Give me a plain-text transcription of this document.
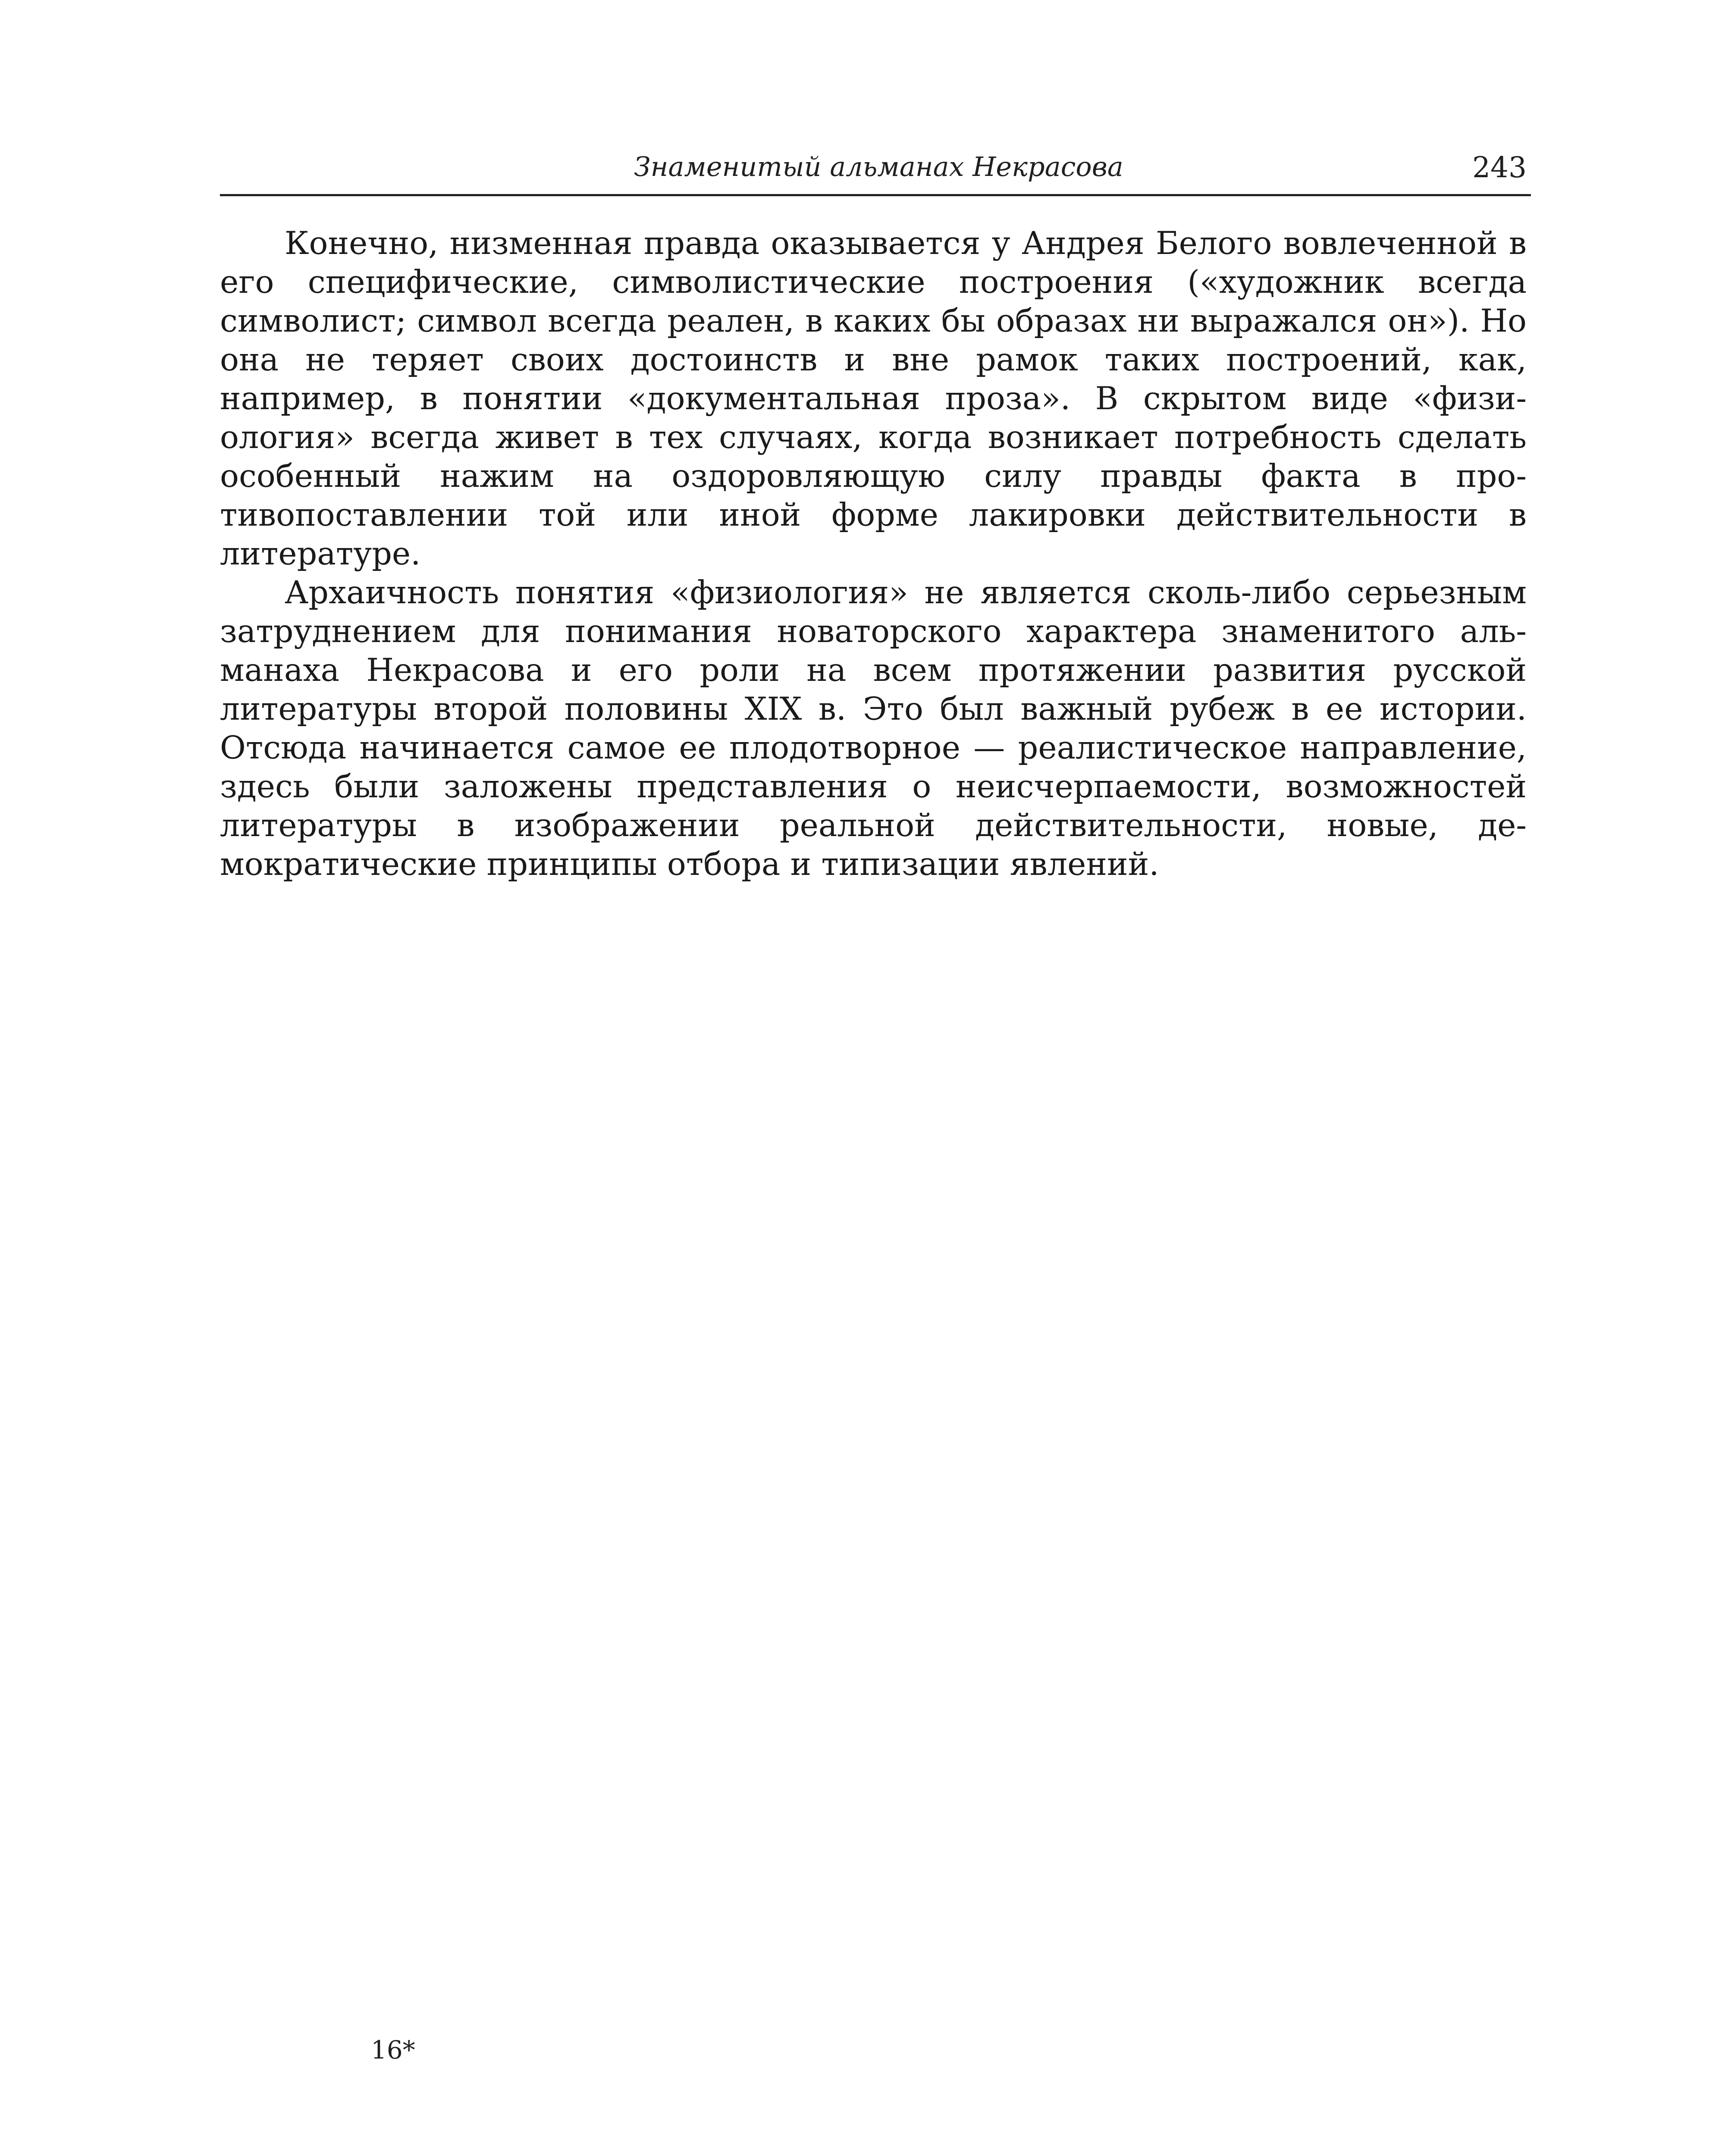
Знаменитый альманах Некрасова	243

Конечно, низменная правда оказывается у Андрея Белого вовлеченной в его специфические, символистические построения («художник всегда символист; символ всегда реален, в каких бы образах ни выражался он»). Но она не теряет своих достоинств и вне рамок таких построений, как, например, в понятии «документальная проза». В скрытом виде «физиология» всегда живет в тех случаях, когда возникает потребность сделать особенный нажим на оздоровляющую силу правды факта в противопоставлении той или иной форме лакировки действительности в литературе.

Архаичность понятия «физиология» не является сколь-либо серьезным затруднением для понимания новаторского характера знаменитого альманаха Некрасова и его роли на всем протяжении развития русской литературы второй половины XIX в. Это был важный рубеж в ее истории. Отсюда начинается самое ее плодотворное — реалистическое направление, здесь были заложены представления о неисчерпаемости, возможностей литературы в изображении реальной действительности, новые, демократические принципы отбора и типизации явлений.

16*
